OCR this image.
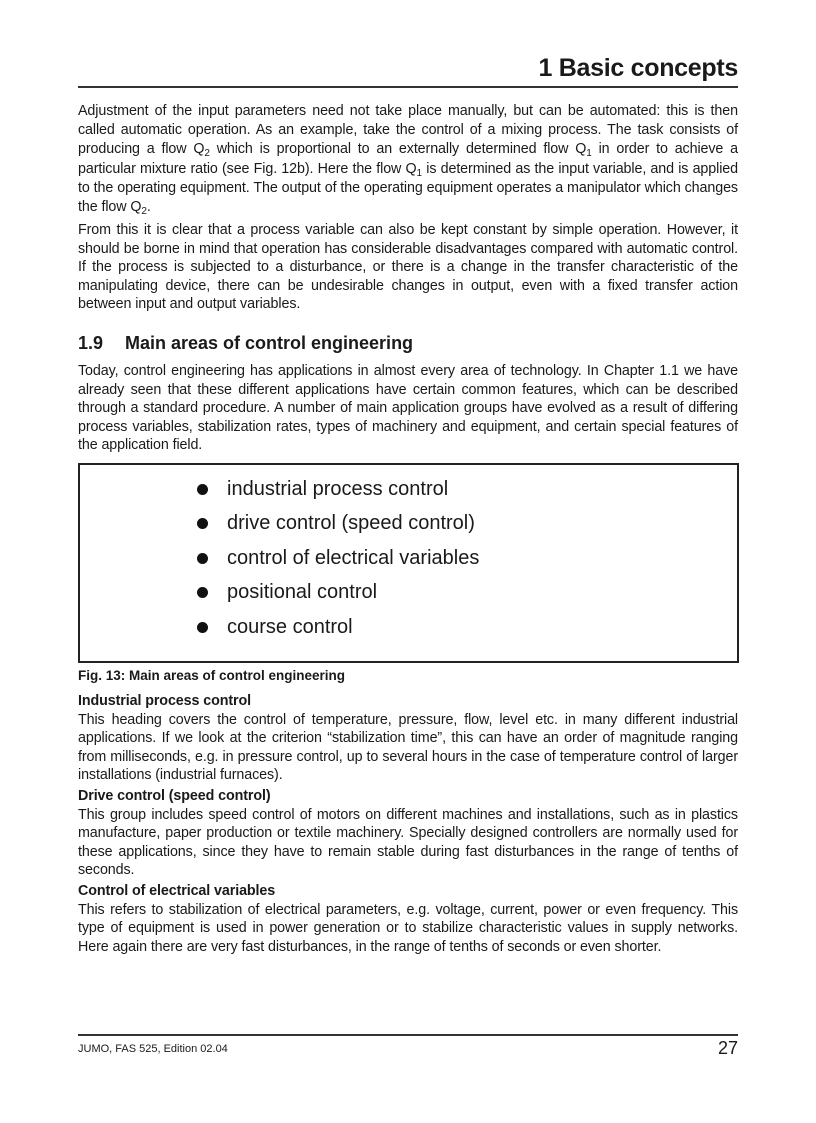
1 Basic concepts

Adjustment of the input parameters need not take place manually, but can be automated: this is then called automatic operation. As an example, take the control of a mixing process. The task consists of producing a flow $Q_2$ which is proportional to an externally determined flow $Q_1$ in order to achieve a particular mixture ratio (see Fig. 12b). Here the flow $Q_1$ is determined as the input variable, and is applied to the operating equipment. The output of the operating equipment operates a manipulator which changes the flow $Q_2$.

From this it is clear that a process variable can also be kept constant by simple operation. However, it should be borne in mind that operation has considerable disadvantages compared with automatic control. If the process is subjected to a disturbance, or there is a change in the transfer characteristic of the manipulating device, there can be undesirable changes in output, even with a fixed transfer action between input and output variables.

1.9 Main areas of control engineering

Today, control engineering has applications in almost every area of technology. In Chapter 1.1 we have already seen that these different applications have certain common features, which can be described through a standard procedure. A number of main application groups have evolved as a result of differing process variables, stabilization rates, types of machinery and equipment, and certain special features of the application field.

industrial process control
drive control (speed control)
control of electrical variables
positional control
course control
Fig. 13: Main areas of control engineering
Industrial process control
This heading covers the control of temperature, pressure, flow, level etc. in many different industrial applications. If we look at the criterion “stabilization time”, this can have an order of magnitude ranging from milliseconds, e.g. in pressure control, up to several hours in the case of temperature control of larger installations (industrial furnaces).
Drive control (speed control)
This group includes speed control of motors on different machines and installations, such as in plastics manufacture, paper production or textile machinery. Specially designed controllers are normally used for these applications, since they have to remain stable during fast disturbances in the range of tenths of seconds.
Control of electrical variables
This refers to stabilization of electrical parameters, e.g. voltage, current, power or even frequency. This type of equipment is used in power generation or to stabilize characteristic values in supply networks. Here again there are very fast disturbances, in the range of tenths of seconds or even shorter.
JUMO, FAS 525, Edition 02.04	27
